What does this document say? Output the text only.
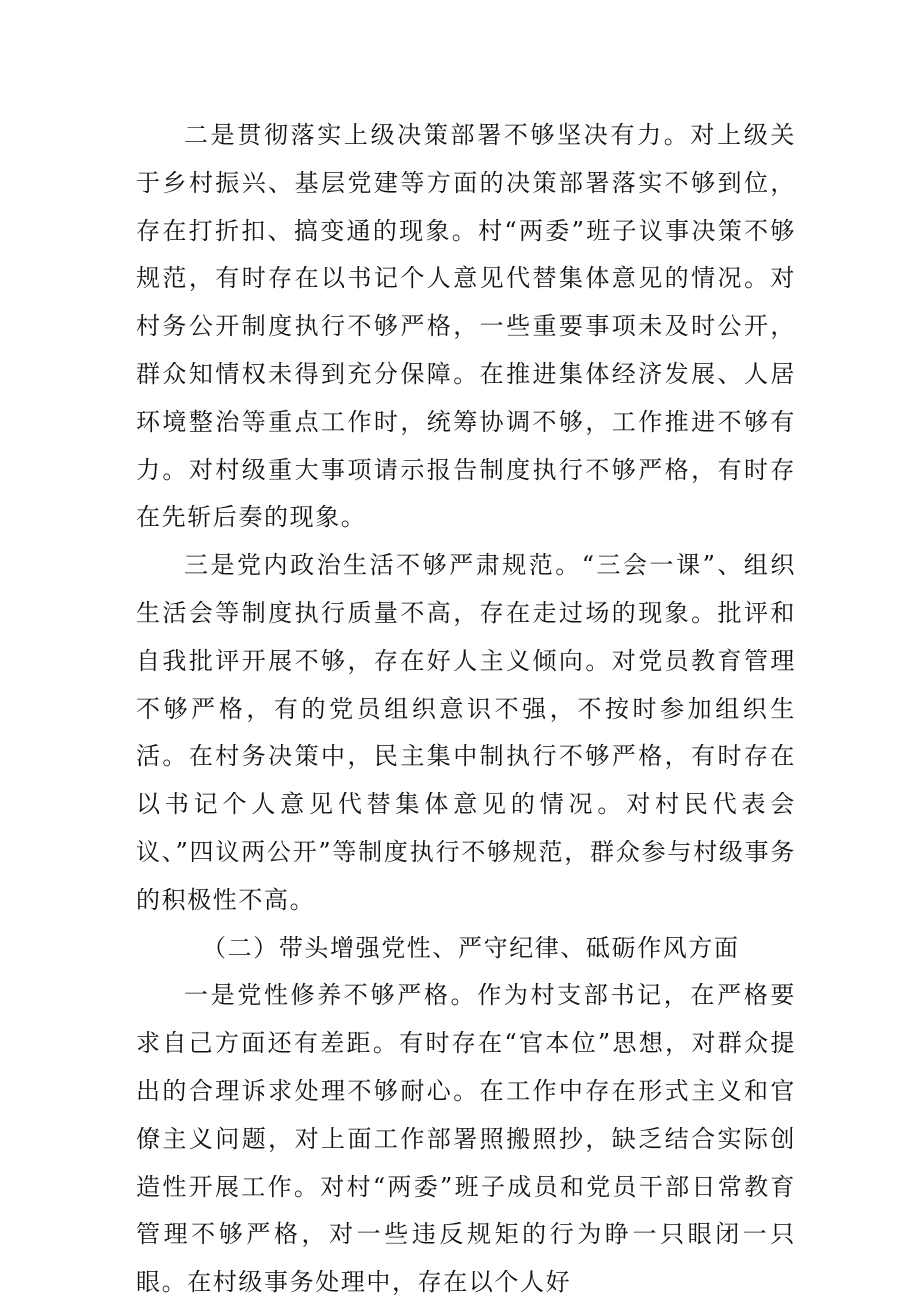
二是贯彻落实上级决策部署不够坚决有力。对上级关于乡村振兴、基层党建等方面的决策部署落实不够到位，存在打折扣、搞变通的现象。村“两委”班子议事决策不够规范，有时存在以书记个人意见代替集体意见的情况。对村务公开制度执行不够严格，一些重要事项未及时公开，群众知情权未得到充分保障。在推进集体经济发展、人居环境整治等重点工作时，统筹协调不够，工作推进不够有力。对村级重大事项请示报告制度执行不够严格，有时存在先斩后奏的现象。

三是党内政治生活不够严肃规范。“三会一课”、组织生活会等制度执行质量不高，存在走过场的现象。批评和自我批评开展不够，存在好人主义倾向。对党员教育管理不够严格，有的党员组织意识不强，不按时参加组织生活。在村务决策中，民主集中制执行不够严格，有时存在以书记个人意见代替集体意见的情况。对村民代表会议、”四议两公开”等制度执行不够规范，群众参与村级事务的积极性不高。

（二）带头增强党性、严守纪律、砥砺作风方面

一是党性修养不够严格。作为村支部书记，在严格要求自己方面还有差距。有时存在“官本位”思想，对群众提出的合理诉求处理不够耐心。在工作中存在形式主义和官僚主义问题，对上面工作部署照搬照抄，缺乏结合实际创造性开展工作。对村“两委”班子成员和党员干部日常教育管理不够严格，对一些违反规矩的行为睁一只眼闭一只眼。在村级事务处理中，存在以个人好
